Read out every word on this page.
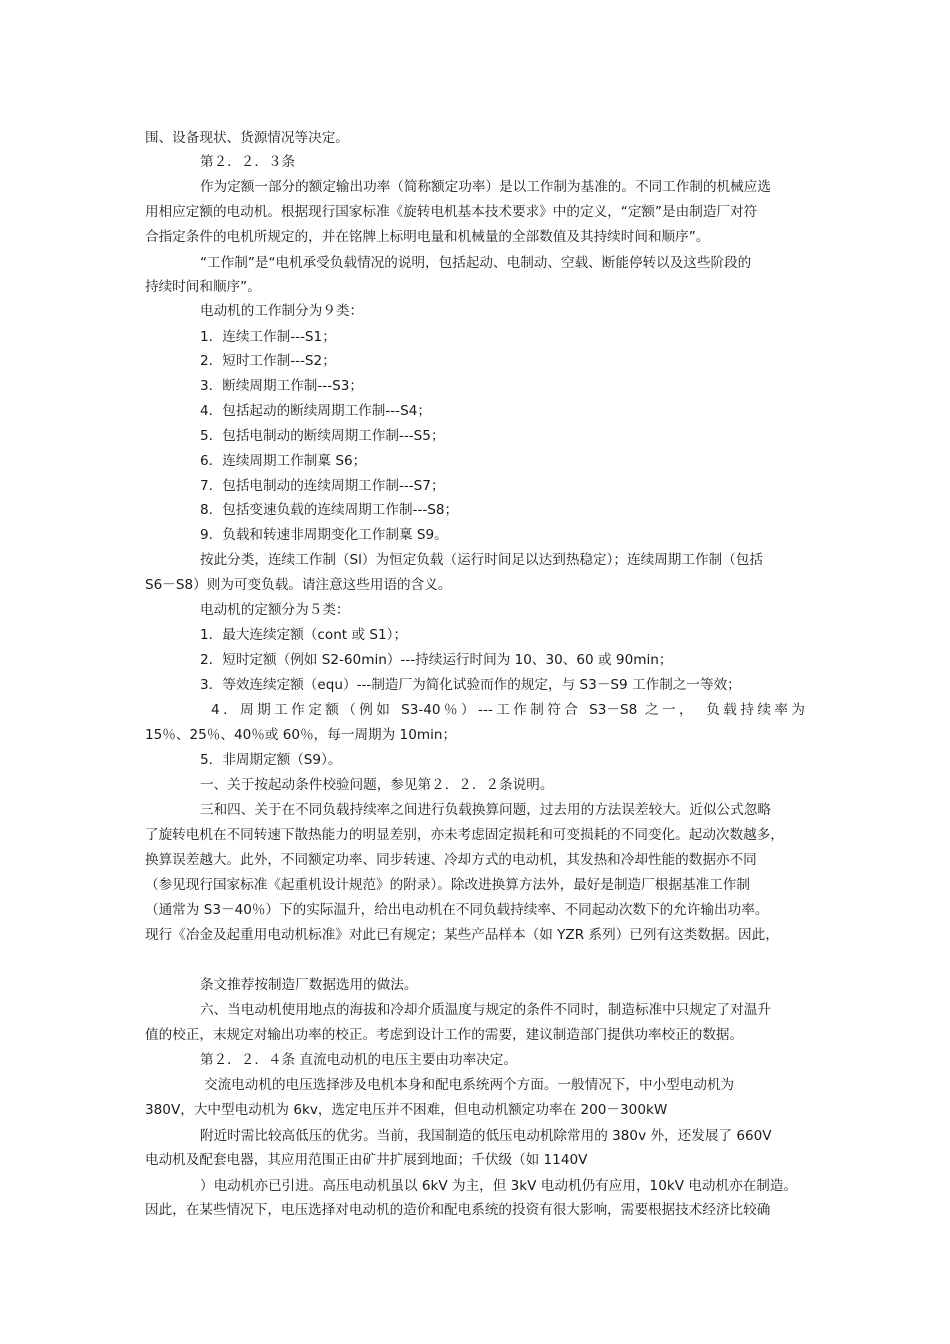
围、设备现状、货源情况等决定。
第２．２．３条
作为定额一部分的额定输出功率（简称额定功率）是以工作制为基准的。不同工作制的机械应选
用相应定额的电动机。根据现行国家标准《旋转电机基本技术要求》中的定义，“定额”是由制造厂对符
合指定条件的电机所规定的，并在铭牌上标明电量和机械量的全部数值及其持续时间和顺序”。
“工作制”是“电机承受负载情况的说明，包括起动、电制动、空载、断能停转以及这些阶段的
持续时间和顺序”。
电动机的工作制分为９类：
1．连续工作制---S1；
2．短时工作制---S2；
3．断续周期工作制---S3；
4．包括起动的断续周期工作制---S4；
5．包括电制动的断续周期工作制---S5；
6．连续周期工作制稟 S6；
7．包括电制动的连续周期工作制---S7；
8．包括变速负载的连续周期工作制---S8；
9．负载和转速非周期变化工作制稟 S9。
按此分类，连续工作制（Sl）为恒定负载（运行时间足以达到热稳定）；连续周期工作制（包括
S6－S8）则为可变负载。请注意这些用语的含义。
电动机的定额分为５类：
1．最大连续定额（cont 或 S1）；
2．短时定额（例如 S2-60min）---持续运行时间为 10、30、60 或 90min；
3．等效连续定额（equ）---制造厂为简化试验而作的规定，与 S3－S9 工作制之一等效；
4．周期工作定额（例如 S3-40％）---工作制符合 S3－S8 之一，　负载持续率为
15％、25％、40％或 60％，每一周期为 10min；
5．非周期定额（S9）。
一、关于按起动条件校验问题，参见第２．２．２条说明。
三和四、关于在不同负载持续率之间进行负载换算问题，过去用的方法误差较大。近似公式忽略
了旋转电机在不同转速下散热能力的明显差别，亦未考虑固定损耗和可变损耗的不同变化。起动次数越多，
换算误差越大。此外，不同额定功率、同步转速、冷却方式的电动机，其发热和冷却性能的数据亦不同
（参见现行国家标准《起重机设计规范》的附录）。除改进换算方法外，最好是制造厂根据基准工作制
（通常为 S3－40％）下的实际温升，给出电动机在不同负载持续率、不同起动次数下的允许输出功率。
现行《冶金及起重用电动机标准》对此已有规定；某些产品样本（如 YZR 系列）已列有这类数据。因此，
条文推荐按制造厂数据选用的做法。
六、当电动机使用地点的海拔和冷却介质温度与规定的条件不同时，制造标准中只规定了对温升
值的校正，末规定对输出功率的校正。考虑到设计工作的需要，建议制造部门提供功率校正的数据。
第２．２．４条 直流电动机的电压主要由功率决定。
交流电动机的电压选择涉及电机本身和配电系统两个方面。一般情况下，中小型电动机为
380V，大中型电动机为 6kv，选定电压并不困难，但电动机额定功率在 200－300kW
附近时需比较高低压的优劣。当前，我国制造的低压电动机除常用的 380v 外，还发展了 660V
电动机及配套电器，其应用范围正由矿井扩展到地面；千伏级（如 1140V
）电动机亦已引进。高压电动机虽以 6kV 为主，但 3kV 电动机仍有应用，10kV 电动机亦在制造。
因此，在某些情况下，电压选择对电动机的造价和配电系统的投资有很大影响，需要根据技术经济比较确
